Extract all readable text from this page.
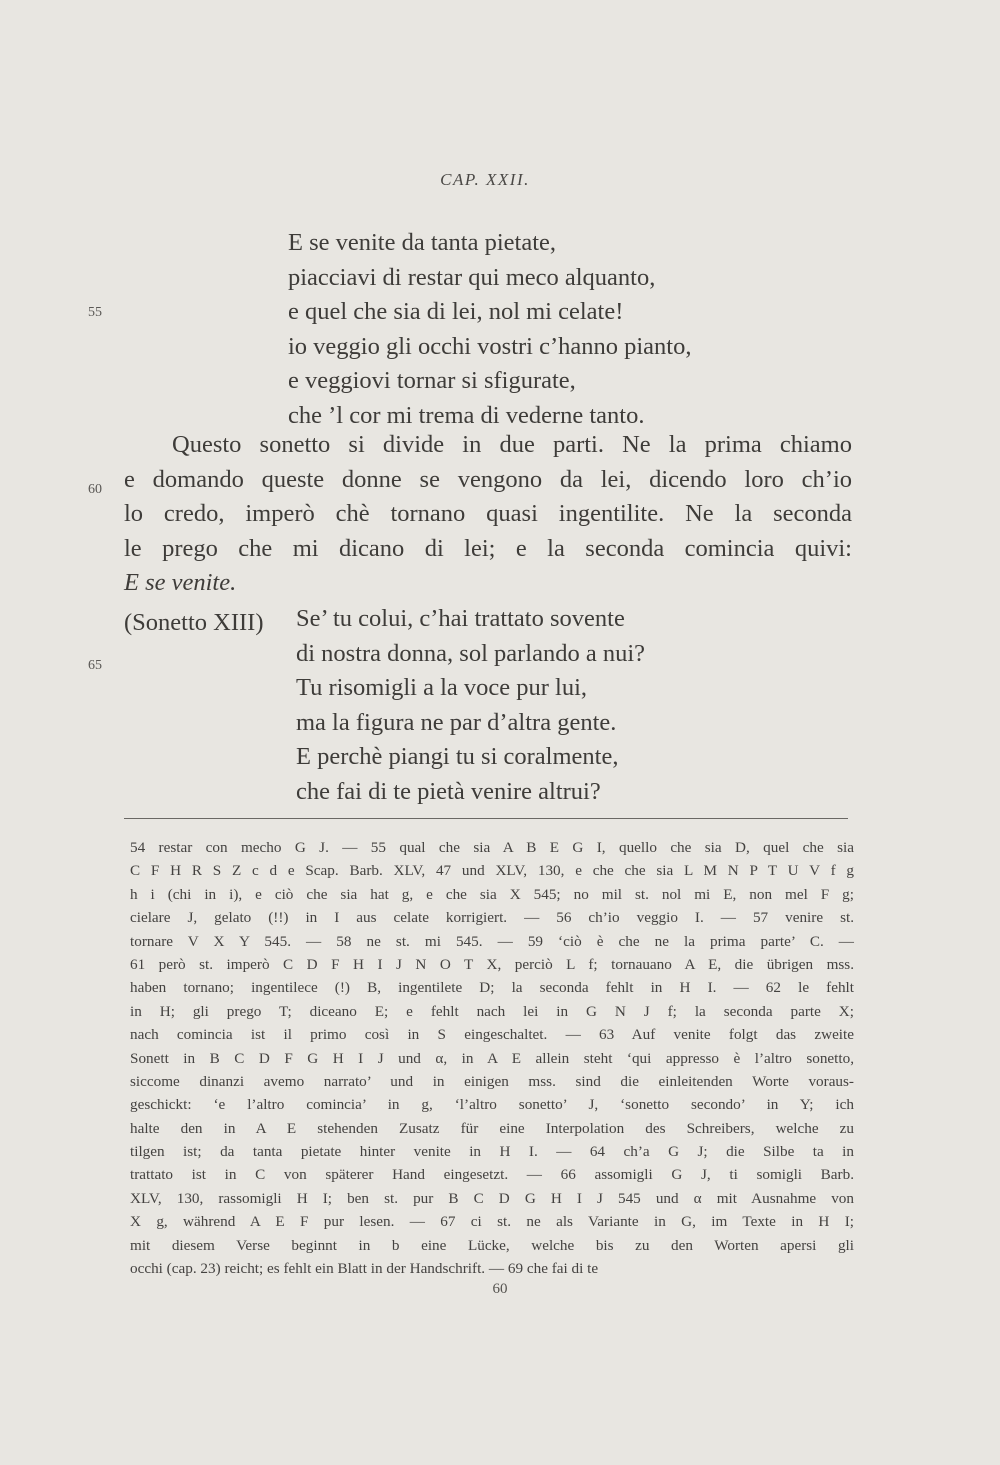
CAP. XXII.
E se venite da tanta pietate,
piacciavi di restar qui meco alquanto,
e quel che sia di lei, nol mi celate!
io veggio gli occhi vostri c’hanno pianto,
e veggiovi tornar si sfigurate,
che ’l cor mi trema di vederne tanto.
55
60
65
Questo sonetto si divide in due parti. Ne la prima chiamo
e domando queste donne se vengono da lei, dicendo loro ch’io
lo credo, imperò chè tornano quasi ingentilite. Ne la seconda
le prego che mi dicano di lei; e la seconda comincia quivi:
E se venite.
(Sonetto XIII) Se’ tu colui, c’hai trattato sovente
di nostra donna, sol parlando a nui?
Tu risomigli a la voce pur lui,
ma la figura ne par d’altra gente.
E perchè piangi tu si coralmente,
che fai di te pietà venire altrui?
54 restar con mecho G J. — 55 qual che sia A B E G I, quello che sia D, quel che sia
C F H R S Z c d e Scap. Barb. XLV, 47 und XLV, 130, e che che sia L M N P T U V f g
h i (chi in i), e ciò che sia hat g, e che sia X 545; no mil st. nol mi E, non mel F g;
cielare J, gelato (!!) in I aus celate korrigiert. — 56 ch’io veggio I. — 57 venire st.
tornare V X Y 545. — 58 ne st. mi 545. — 59 ‘ciò è che ne la prima parte’ C. —
61 però st. imperò C D F H I J N O T X, perciò L f; tornauano A E, die übrigen mss.
haben tornano; ingentilece (!) B, ingentilete D; la seconda fehlt in H I. — 62 le fehlt
in H; gli prego T; diceano E; e fehlt nach lei in G N J f; la seconda parte X;
nach comincia ist il primo così in S eingeschaltet. — 63 Auf venite folgt das zweite
Sonett in B C D F G H I J und α, in A E allein steht ‘qui appresso è l’altro sonetto,
siccome dinanzi avemo narrato’ und in einigen mss. sind die einleitenden Worte voraus-
geschickt: ‘e l’altro comincia’ in g, ‘l’altro sonetto’ J, ‘sonetto secondo’ in Y; ich
halte den in A E stehenden Zusatz für eine Interpolation des Schreibers, welche zu
tilgen ist; da tanta pietate hinter venite in H I. — 64 ch’a G J; die Silbe ta in
trattato ist in C von späterer Hand eingesetzt. — 66 assomigli G J, ti somigli Barb.
XLV, 130, rassomigli H I; ben st. pur B C D G H I J 545 und α mit Ausnahme von
X g, während A E F pur lesen. — 67 ci st. ne als Variante in G, im Texte in H I;
mit diesem Verse beginnt in b eine Lücke, welche bis zu den Worten apersi gli
occhi (cap. 23) reicht; es fehlt ein Blatt in der Handschrift. — 69 che fai di te
60
